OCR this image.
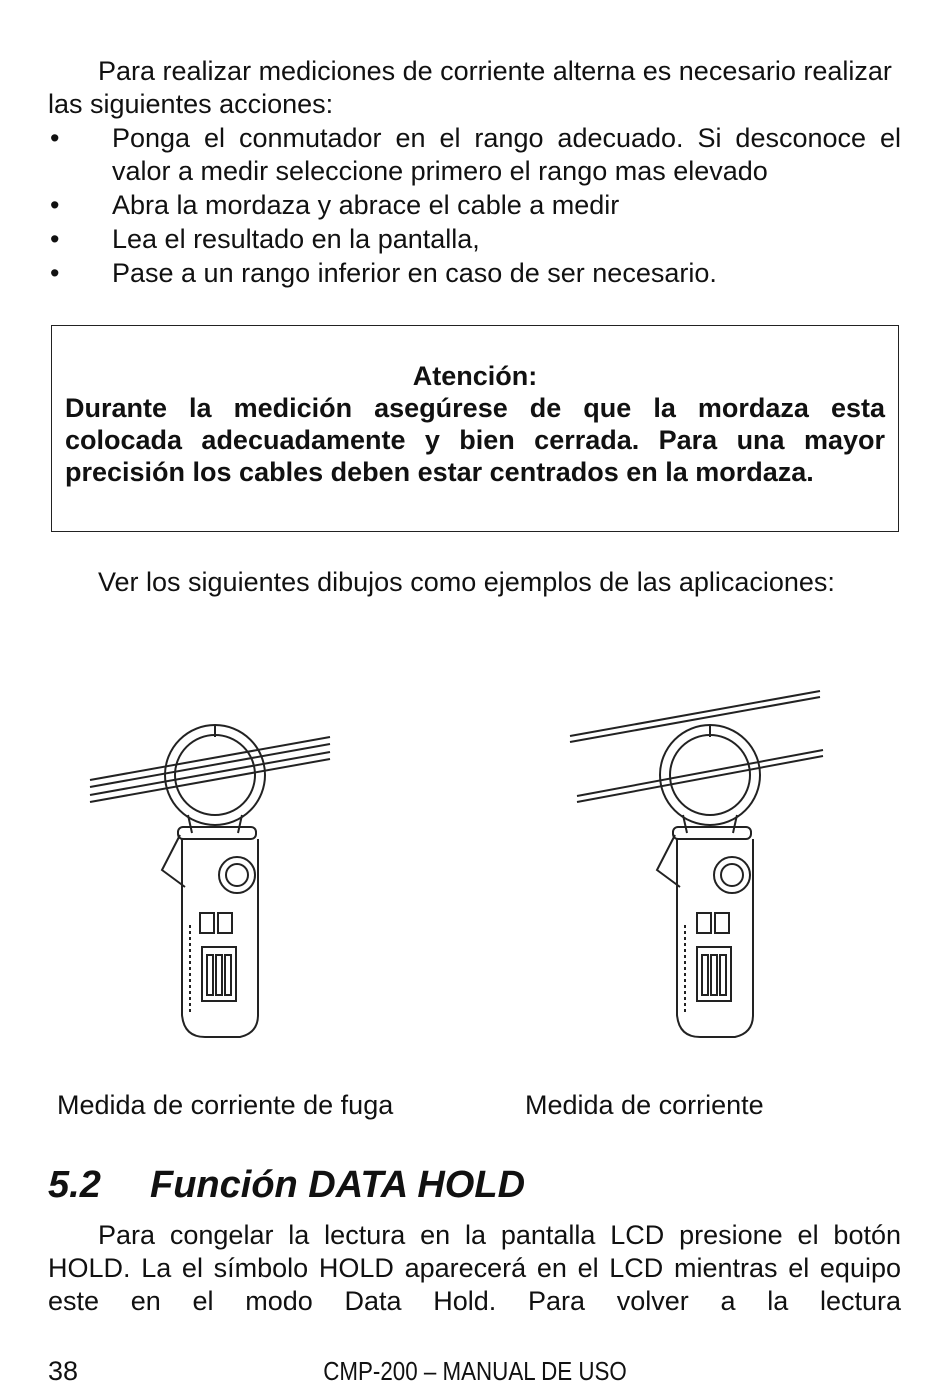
Para realizar mediciones de corriente alterna es necesario realizar las siguientes acciones:

• Ponga el conmutador en el rango adecuado. Si desconoce el valor a medir seleccione primero el rango mas elevado
• Abra la mordaza y abrace el cable a medir
• Lea el resultado en la pantalla,
• Pase a un rango inferior en caso de ser necesario.
Atención:
Durante la medición asegúrese de que la mordaza esta colocada adecuadamente y bien cerrada. Para una mayor precisión los cables deben estar centrados en la mordaza.

Ver los siguientes dibujos como ejemplos de las aplicaciones:

Medida de corriente de fuga	Medida de corriente
5.2 Función DATA HOLD

Para congelar la lectura en la pantalla LCD presione el botón HOLD. La el símbolo HOLD aparecerá en el LCD mientras el equipo este en el modo Data Hold. Para volver a la lectura

38	CMP-200 – MANUAL DE USO
